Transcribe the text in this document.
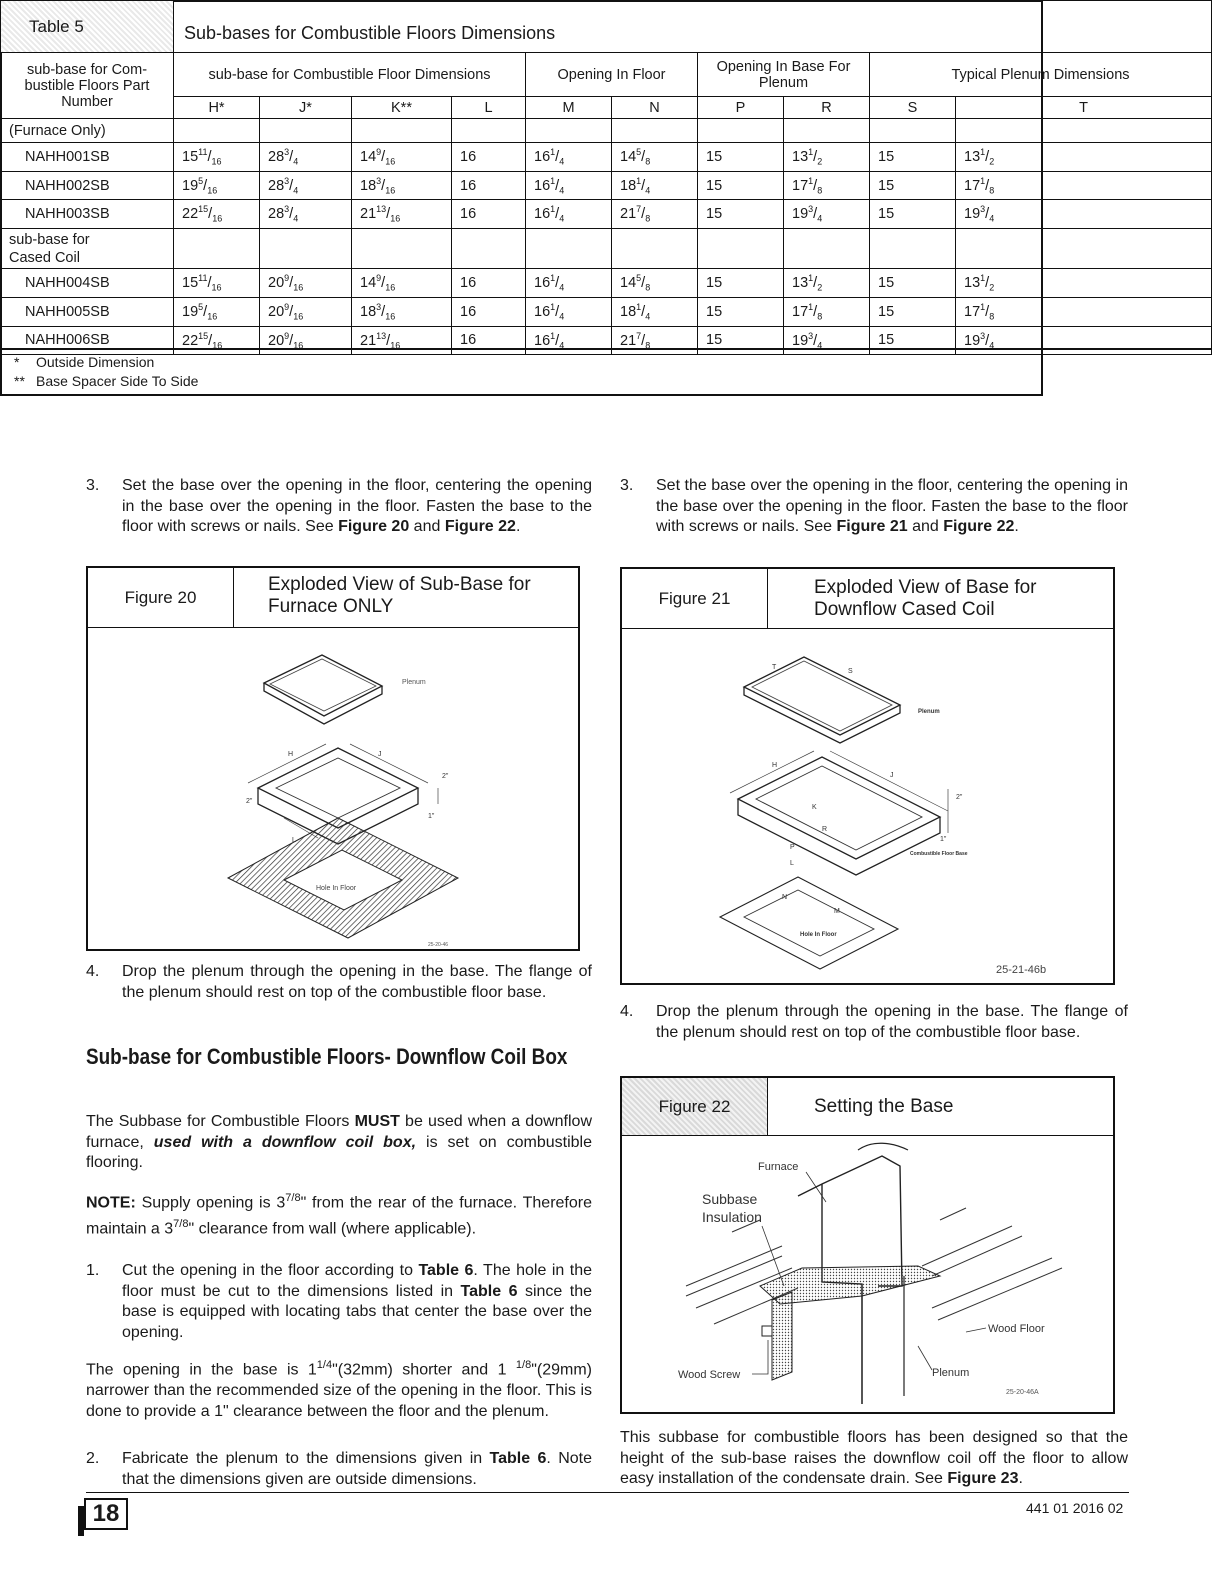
Table 5	Sub-bases for Combustible Floors Dimensions									
sub-base for Com- bustible Floors Part Number	sub-base for Combustible Floor Dimensions				Opening In Floor		Opening In Base For Plenum		Typical Plenum Dimensions	
	H*	J*	K**	L	M	N	P	R	S	T
(Furnace Only)										
NAHH001SB	$15^{11}/_{16}$	$28^3/_4$	$14^9/_{16}$	16	$16^1/_4$	$14^5/_8$	15	$13^1/_2$	15	$13^1/_2$
NAHH002SB	$19^5/_{16}$	$28^3/_4$	$18^3/_{16}$	16	$16^1/_4$	$18^1/_4$	15	$17^1/_8$	15	$17^1/_8$
NAHH003SB	$22^{15}/_{16}$	$28^3/_4$	$21^{13}/_{16}$	16	$16^1/_4$	$21^7/_8$	15	$19^3/_4$	15	$19^3/_4$
sub-base for
Cased Coil										
NAHH004SB	$15^{11}/_{16}$	$20^9/_{16}$	$14^9/_{16}$	16	$16^1/_4$	$14^5/_8$	15	$13^1/_2$	15	$13^1/_2$
NAHH005SB	$19^5/_{16}$	$20^9/_{16}$	$18^3/_{16}$	16	$16^1/_4$	$18^1/_4$	15	$17^1/_8$	15	$17^1/_8$
NAHH006SB	$22^{15}/_{16}$	$20^9/_{16}$	$21^{13}/_{16}$	16	$16^1/_4$	$21^7/_8$	15	$19^3/_4$	15	$19^3/_4$
* Outside Dimension
** Base Spacer Side To Side
3. Set the base over the opening in the floor, centering the opening in the base over the opening in the floor. Fasten the base to the floor with screws or nails. See Figure 20 and Figure 22.
Figure 20
Exploded View of Sub-Base for Furnace ONLY
Plenum
H	J
2"
2"
1"
L
Hole In Floor
25-20-46
4. Drop the plenum through the opening in the base. The flange of the plenum should rest on top of the combustible floor base.
Sub-base for Combustible Floors- Downflow Coil Box
The Subbase for Combustible Floors MUST be used when a downflow furnace, used with a downflow coil box, is set on combustible flooring.
NOTE: Supply opening is $3^{7/8}$" from the rear of the furnace. Therefore maintain a $3^{7/8}$" clearance from wall (where applicable).
1. Cut the opening in the floor according to Table 6. The hole in the floor must be cut to the dimensions listed in Table 6 since the base is equipped with locating tabs that center the base over the opening.
The opening in the base is $1^{1/4}"(32mm)$ shorter and 1 $^{1/8}$"(29mm) narrower than the recommended size of the opening in the floor. This is done to provide a 1" clearance between the floor and the plenum.
2. Fabricate the plenum to the dimensions given in Table 6. Note that the dimensions given are outside dimensions.
3. Set the base over the opening in the floor, centering the opening in the base over the opening in the floor. Fasten the base to the floor with screws or nails. See Figure 21 and Figure 22.
Figure 21	Exploded View of Base for Downflow Cased Coil
T
S
Plenum
H
J
K
R
P
L
2"
1"
Combustible Floor Base
N
M
Hole In Floor
25-21-46b
4. Drop the plenum through the opening in the base. The flange of the plenum should rest on top of the combustible floor base.
Figure 22	Setting the Base
Furnace
Subbase
Insulation
Wood Floor
Wood Screw	Plenum
25-20-46A
This subbase for combustible floors has been designed so that the height of the sub-base raises the downflow coil off the floor to allow easy installation of the condensate drain. See Figure 23.
18	441 01 2016 02
